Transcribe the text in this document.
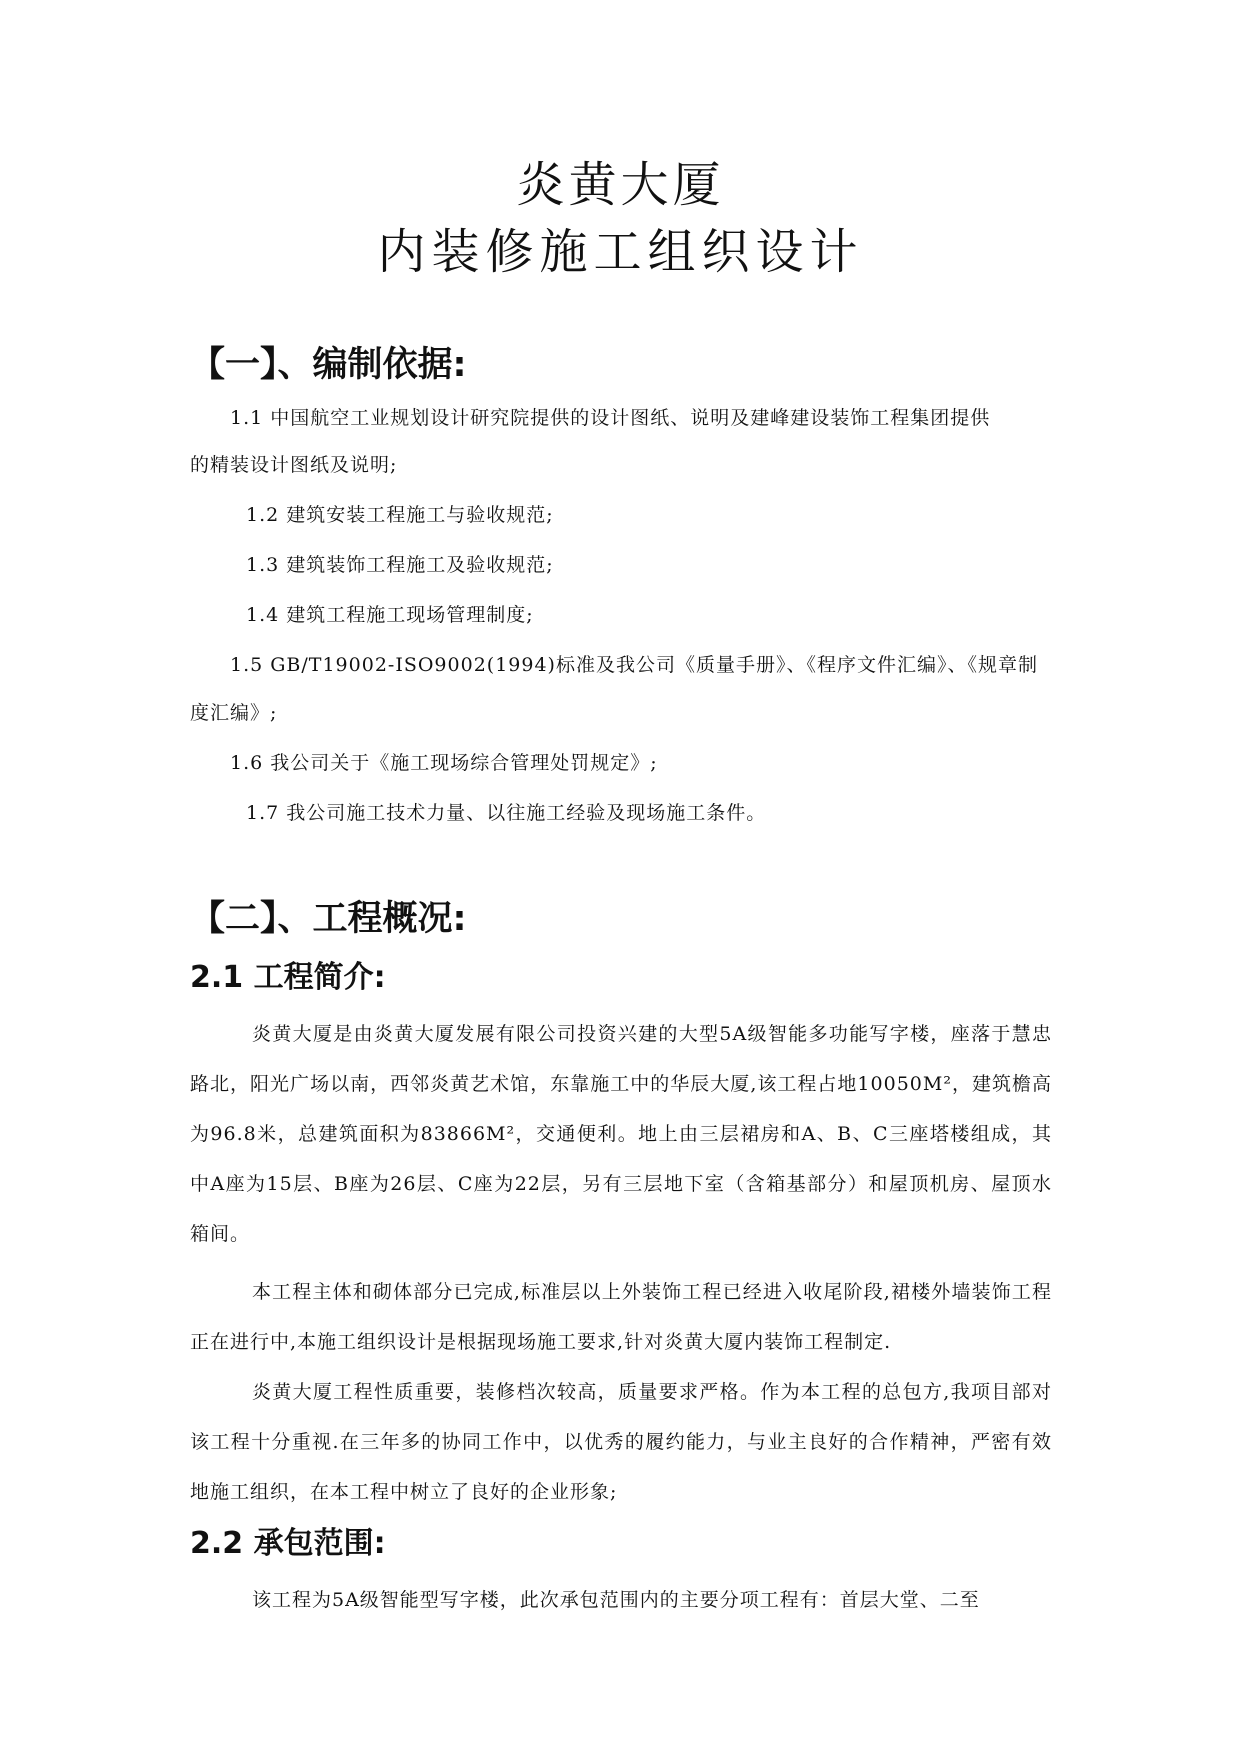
炎黄大厦
内装修施工组织设计
【一】、编制依据:
1.1 中国航空工业规划设计研究院提供的设计图纸、说明及建峰建设装饰工程集团提供
的精装设计图纸及说明;
1.2 建筑安装工程施工与验收规范;
1.3 建筑装饰工程施工及验收规范;
1.4 建筑工程施工现场管理制度;
1.5 GB/T19002-ISO9002(1994)标准及我公司《质量手册》、《程序文件汇编》、《规章制
度汇编》;
1.6 我公司关于《施工现场综合管理处罚规定》;
1.7 我公司施工技术力量、以往施工经验及现场施工条件。
【二】、工程概况:
2.1 工程简介:
炎黄大厦是由炎黄大厦发展有限公司投资兴建的大型5A级智能多功能写字楼，座落于慧忠路北，阳光广场以南，西邻炎黄艺术馆，东靠施工中的华辰大厦,该工程占地10050M²，建筑檐高为96.8米，总建筑面积为83866M²，交通便利。地上由三层裙房和A、B、C三座塔楼组成，其中A座为15层、B座为26层、C座为22层，另有三层地下室（含箱基部分）和屋顶机房、屋顶水箱间。
本工程主体和砌体部分已完成,标准层以上外装饰工程已经进入收尾阶段,裙楼外墙装饰工程正在进行中,本施工组织设计是根据现场施工要求,针对炎黄大厦内装饰工程制定.
炎黄大厦工程性质重要，装修档次较高，质量要求严格。作为本工程的总包方,我项目部对该工程十分重视.在三年多的协同工作中，以优秀的履约能力，与业主良好的合作精神，严密有效地施工组织，在本工程中树立了良好的企业形象;
2.2 承包范围:
该工程为5A级智能型写字楼，此次承包范围内的主要分项工程有：首层大堂、二至
